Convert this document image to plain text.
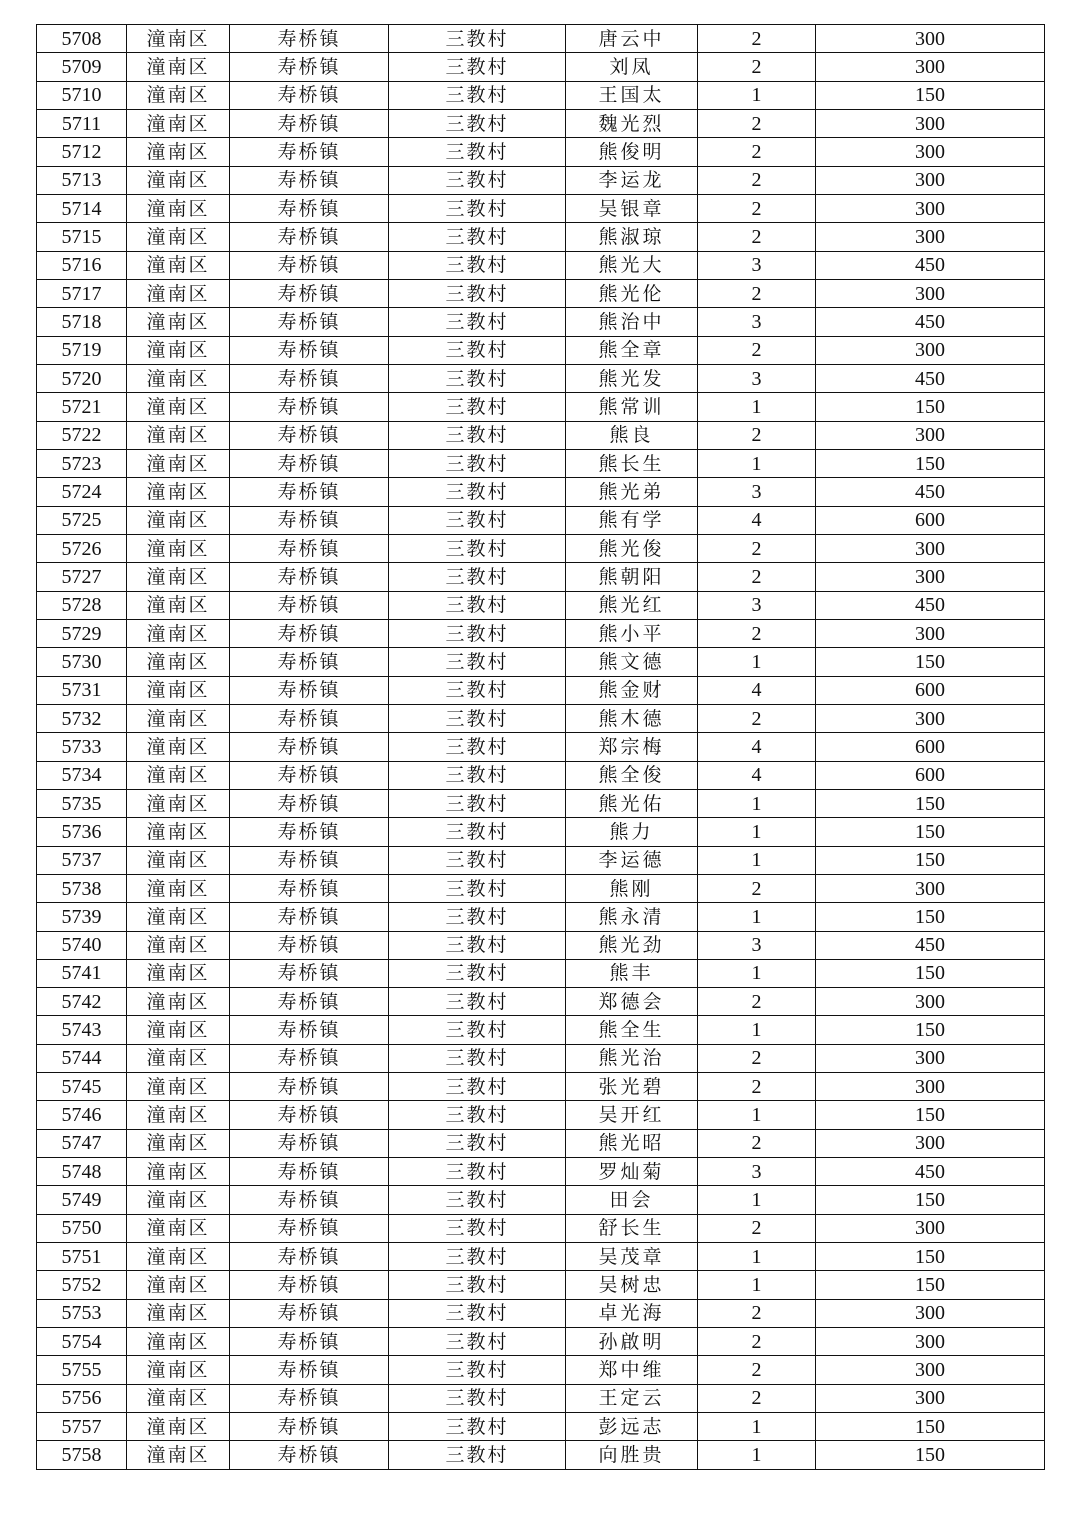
5708	潼南区	寿桥镇	三教村	唐云中	2	300
5709	潼南区	寿桥镇	三教村	刘凤	2	300
5710	潼南区	寿桥镇	三教村	王国太	1	150
5711	潼南区	寿桥镇	三教村	魏光烈	2	300
5712	潼南区	寿桥镇	三教村	熊俊明	2	300
5713	潼南区	寿桥镇	三教村	李运龙	2	300
5714	潼南区	寿桥镇	三教村	吴银章	2	300
5715	潼南区	寿桥镇	三教村	熊淑琼	2	300
5716	潼南区	寿桥镇	三教村	熊光大	3	450
5717	潼南区	寿桥镇	三教村	熊光伦	2	300
5718	潼南区	寿桥镇	三教村	熊治中	3	450
5719	潼南区	寿桥镇	三教村	熊全章	2	300
5720	潼南区	寿桥镇	三教村	熊光发	3	450
5721	潼南区	寿桥镇	三教村	熊常训	1	150
5722	潼南区	寿桥镇	三教村	熊良	2	300
5723	潼南区	寿桥镇	三教村	熊长生	1	150
5724	潼南区	寿桥镇	三教村	熊光弟	3	450
5725	潼南区	寿桥镇	三教村	熊有学	4	600
5726	潼南区	寿桥镇	三教村	熊光俊	2	300
5727	潼南区	寿桥镇	三教村	熊朝阳	2	300
5728	潼南区	寿桥镇	三教村	熊光红	3	450
5729	潼南区	寿桥镇	三教村	熊小平	2	300
5730	潼南区	寿桥镇	三教村	熊文德	1	150
5731	潼南区	寿桥镇	三教村	熊金财	4	600
5732	潼南区	寿桥镇	三教村	熊木德	2	300
5733	潼南区	寿桥镇	三教村	郑宗梅	4	600
5734	潼南区	寿桥镇	三教村	熊全俊	4	600
5735	潼南区	寿桥镇	三教村	熊光佑	1	150
5736	潼南区	寿桥镇	三教村	熊力	1	150
5737	潼南区	寿桥镇	三教村	李运德	1	150
5738	潼南区	寿桥镇	三教村	熊刚	2	300
5739	潼南区	寿桥镇	三教村	熊永清	1	150
5740	潼南区	寿桥镇	三教村	熊光劲	3	450
5741	潼南区	寿桥镇	三教村	熊丰	1	150
5742	潼南区	寿桥镇	三教村	郑德会	2	300
5743	潼南区	寿桥镇	三教村	熊全生	1	150
5744	潼南区	寿桥镇	三教村	熊光治	2	300
5745	潼南区	寿桥镇	三教村	张光碧	2	300
5746	潼南区	寿桥镇	三教村	吴开红	1	150
5747	潼南区	寿桥镇	三教村	熊光昭	2	300
5748	潼南区	寿桥镇	三教村	罗灿菊	3	450
5749	潼南区	寿桥镇	三教村	田会	1	150
5750	潼南区	寿桥镇	三教村	舒长生	2	300
5751	潼南区	寿桥镇	三教村	吴茂章	1	150
5752	潼南区	寿桥镇	三教村	吴树忠	1	150
5753	潼南区	寿桥镇	三教村	卓光海	2	300
5754	潼南区	寿桥镇	三教村	孙啟明	2	300
5755	潼南区	寿桥镇	三教村	郑中维	2	300
5756	潼南区	寿桥镇	三教村	王定云	2	300
5757	潼南区	寿桥镇	三教村	彭远志	1	150
5758	潼南区	寿桥镇	三教村	向胜贵	1	150
